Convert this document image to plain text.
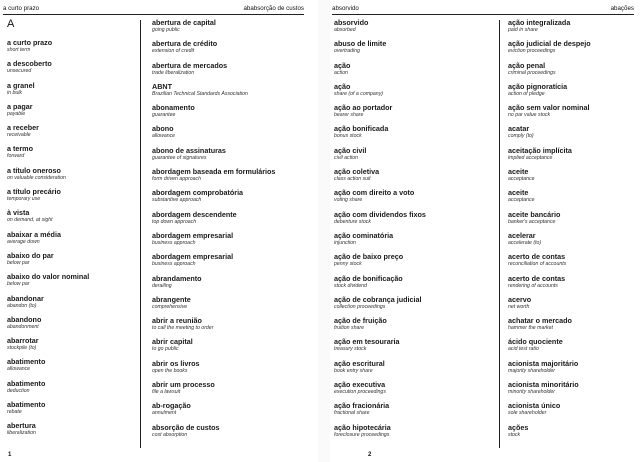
a curto prazo	ababsorção de custos
A
a curto prazo
short term
a descoberto
unsecured
a granel
in bulk
a pagar
payable
a receber
receivable
a termo
forward
a título oneroso
on valuable consideration
a título precário
temporary use
à vista
on demand, at sight
abaixar a média
average down
abaixo do par
below par
abaixo do valor nominal
below par
abandonar
abandon (to)
abandono
abandonment
abarrotar
stockpile (to)
abatimento
allowance
abatimento
deduction
abatimento
rebate
abertura
liberalization
abertura de capital
going public
abertura de crédito
extension of credit
abertura de mercados
trade liberalization
ABNT
Brazilian Technical Standards Association
abonamento
guarantee
abono
allowance
abono de assinaturas
guarantee of signatures
abordagem baseada em formulários
form driven approach
abordagem comprobatória
substantive approach
abordagem descendente
top down approach
abordagem empresarial
business approach
abordagem empresarial
business approach
abrandamento
derailing
abrangente
comprehensive
abrir a reunião
to call the meeting to order
abrir capital
to go public
abrir os livros
open the books
abrir um processo
file a lawsuit
ab-rogação
annulment
absorção de custos
cost absorption
1
absorvido	abações
absorvido
absorbed
abuso de limite
overtrading
ação
action
ação
share (of a company)
ação ao portador
bearer share
ação bonificada
bonus stock
ação civil
civil action
ação coletiva
class action suit
ação com direito a voto
voting share
ação com dividendos fixos
debenture stock
ação cominatória
injunction
ação de baixo preço
penny stock
ação de bonificação
stock dividend
ação de cobrança judicial
collection proceedings
ação de fruição
fruition share
ação em tesouraria
treasury stock
ação escritural
book entry share
ação executiva
execution proceedings
ação fracionária
fractional share
ação hipotecária
foreclosure proceedings
ação integralizada
paid in share
ação judicial de despejo
eviction proceedings
ação penal
criminal proceedings
ação pignoratícia
action of pledge
ação sem valor nominal
no par value stock
acatar
comply (to)
aceitação implícita
implied acceptance
aceite
acceptance
aceite
acceptance
aceite bancário
banker's acceptance
acelerar
accelerate (to)
acerto de contas
reconciliation of accounts
acerto de contas
rendering of accounts
acervo
net worth
achatar o mercado
hammer the market
ácido quociente
acid test ratio
acionista majoritário
majority shareholder
acionista minoritário
minority shareholder
acionista único
sole shareholder
ações
stock
2
